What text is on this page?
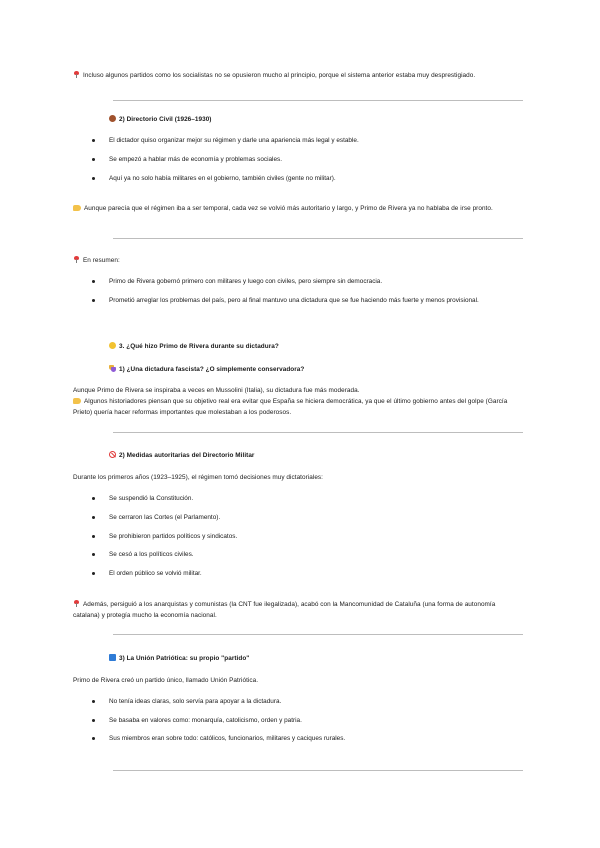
Incluso algunos partidos como los socialistas no se opusieron mucho al principio, porque el sistema anterior estaba muy desprestigiado.
2) Directorio Civil (1926–1930)
El dictador quiso organizar mejor su régimen y darle una apariencia más legal y estable.
Se empezó a hablar más de economía y problemas sociales.
Aquí ya no solo había militares en el gobierno, también civiles (gente no militar).
Aunque parecía que el régimen iba a ser temporal, cada vez se volvió más autoritario y largo, y Primo de Rivera ya no hablaba de irse pronto.
En resumen:
Primo de Rivera gobernó primero con militares y luego con civiles, pero siempre sin democracia.
Prometió arreglar los problemas del país, pero al final mantuvo una dictadura que se fue haciendo más fuerte y menos provisional.
3. ¿Qué hizo Primo de Rivera durante su dictadura?
1) ¿Una dictadura fascista? ¿O simplemente conservadora?
Aunque Primo de Rivera se inspiraba a veces en Mussolini (Italia), su dictadura fue más moderada.
Algunos historiadores piensan que su objetivo real era evitar que España se hiciera democrática, ya que el último gobierno antes del golpe (García Prieto) quería hacer reformas importantes que molestaban a los poderosos.
2) Medidas autoritarias del Directorio Militar
Durante los primeros años (1923–1925), el régimen tomó decisiones muy dictatoriales:
Se suspendió la Constitución.
Se cerraron las Cortes (el Parlamento).
Se prohibieron partidos políticos y sindicatos.
Se cesó a los políticos civiles.
El orden público se volvió militar.
Además, persiguió a los anarquistas y comunistas (la CNT fue ilegalizada), acabó con la Mancomunidad de Cataluña (una forma de autonomía catalana) y protegía mucho la economía nacional.
3) La Unión Patriótica: su propio "partido"
Primo de Rivera creó un partido único, llamado Unión Patriótica.
No tenía ideas claras, solo servía para apoyar a la dictadura.
Se basaba en valores como: monarquía, catolicismo, orden y patria.
Sus miembros eran sobre todo: católicos, funcionarios, militares y caciques rurales.
